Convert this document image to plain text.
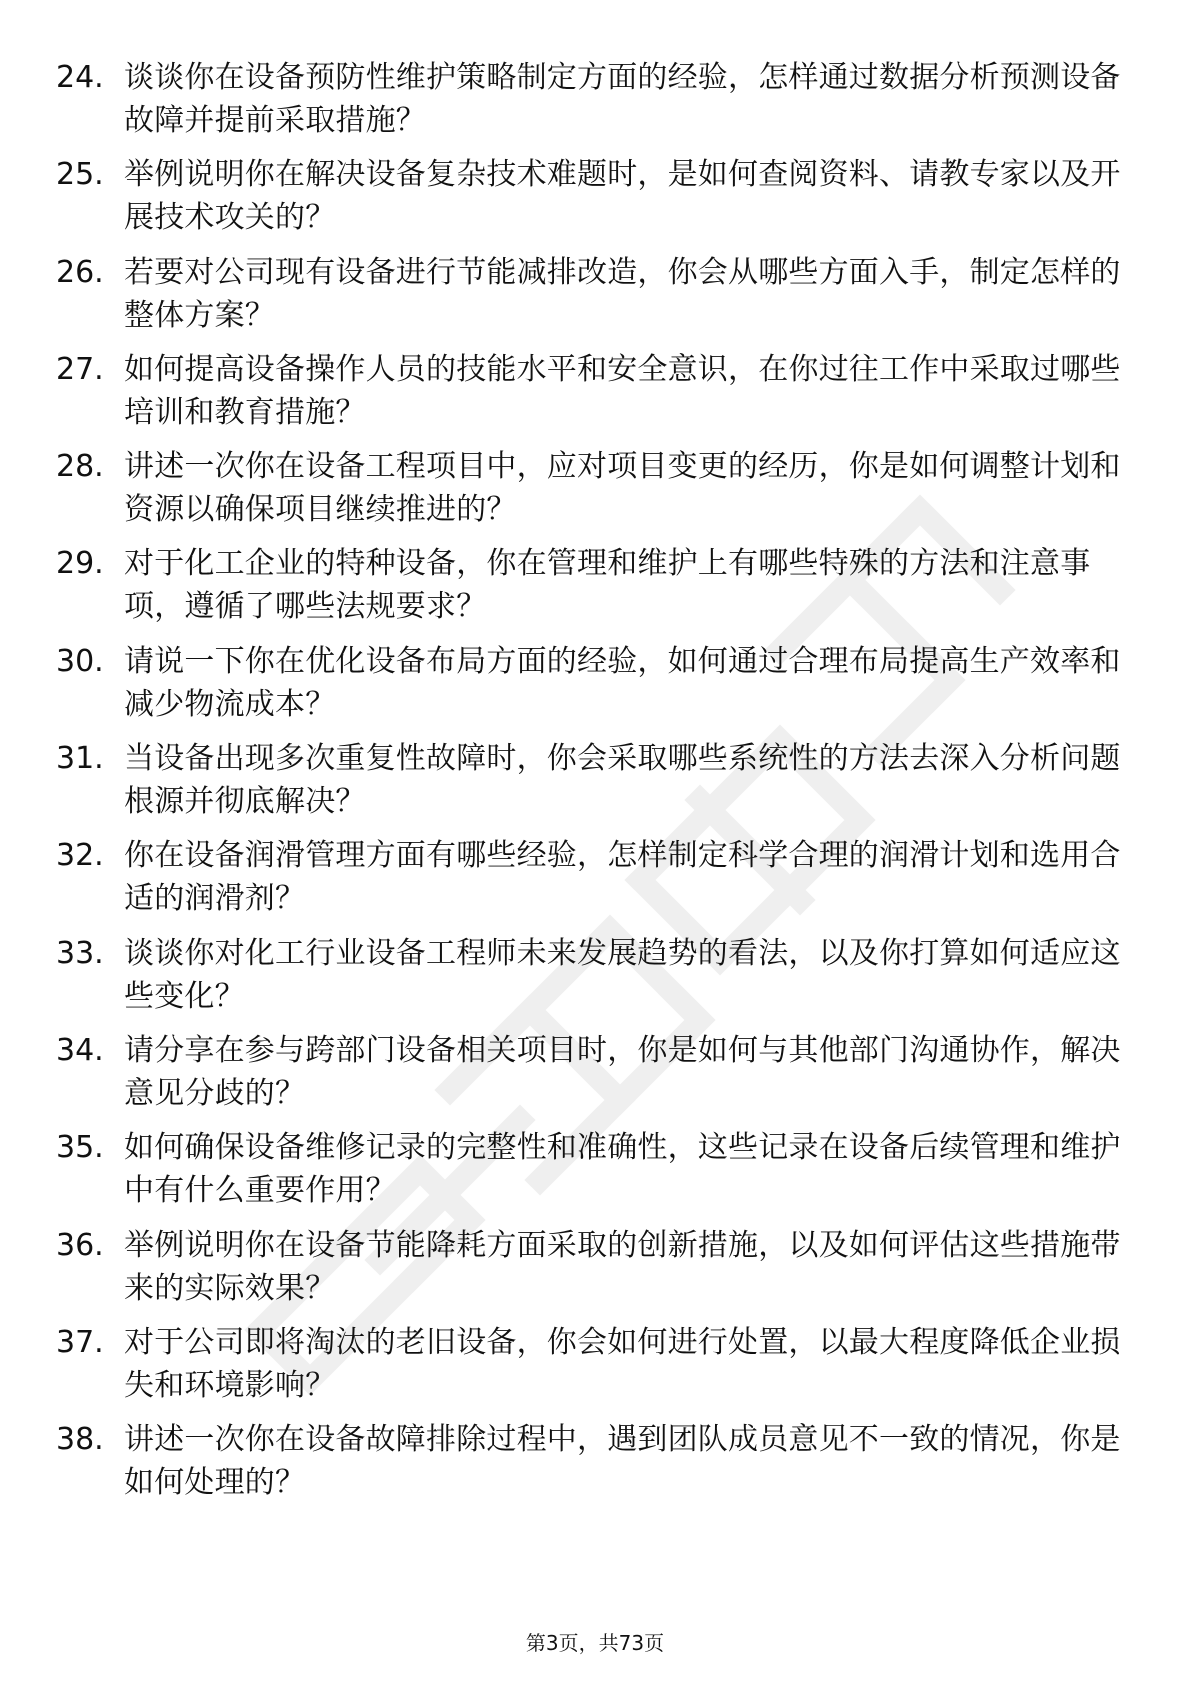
24. 谈谈你在设备预防性维护策略制定方面的经验，怎样通过数据分析预测设备故障并提前采取措施？
25. 举例说明你在解决设备复杂技术难题时，是如何查阅资料、请教专家以及开展技术攻关的？
26. 若要对公司现有设备进行节能减排改造，你会从哪些方面入手，制定怎样的整体方案？
27. 如何提高设备操作人员的技能水平和安全意识，在你过往工作中采取过哪些培训和教育措施？
28. 讲述一次你在设备工程项目中，应对项目变更的经历，你是如何调整计划和资源以确保项目继续推进的？
29. 对于化工企业的特种设备，你在管理和维护上有哪些特殊的方法和注意事项，遵循了哪些法规要求？
30. 请说一下你在优化设备布局方面的经验，如何通过合理布局提高生产效率和减少物流成本？
31. 当设备出现多次重复性故障时，你会采取哪些系统性的方法去深入分析问题根源并彻底解决？
32. 你在设备润滑管理方面有哪些经验，怎样制定科学合理的润滑计划和选用合适的润滑剂？
33. 谈谈你对化工行业设备工程师未来发展趋势的看法，以及你打算如何适应这些变化？
34. 请分享在参与跨部门设备相关项目时，你是如何与其他部门沟通协作，解决意见分歧的？
35. 如何确保设备维修记录的完整性和准确性，这些记录在设备后续管理和维护中有什么重要作用？
36. 举例说明你在设备节能降耗方面采取的创新措施，以及如何评估这些措施带来的实际效果？
37. 对于公司即将淘汰的老旧设备，你会如何进行处置，以最大程度降低企业损失和环境影响？
38. 讲述一次你在设备故障排除过程中，遇到团队成员意见不一致的情况，你是如何处理的？
第3页，共73页
